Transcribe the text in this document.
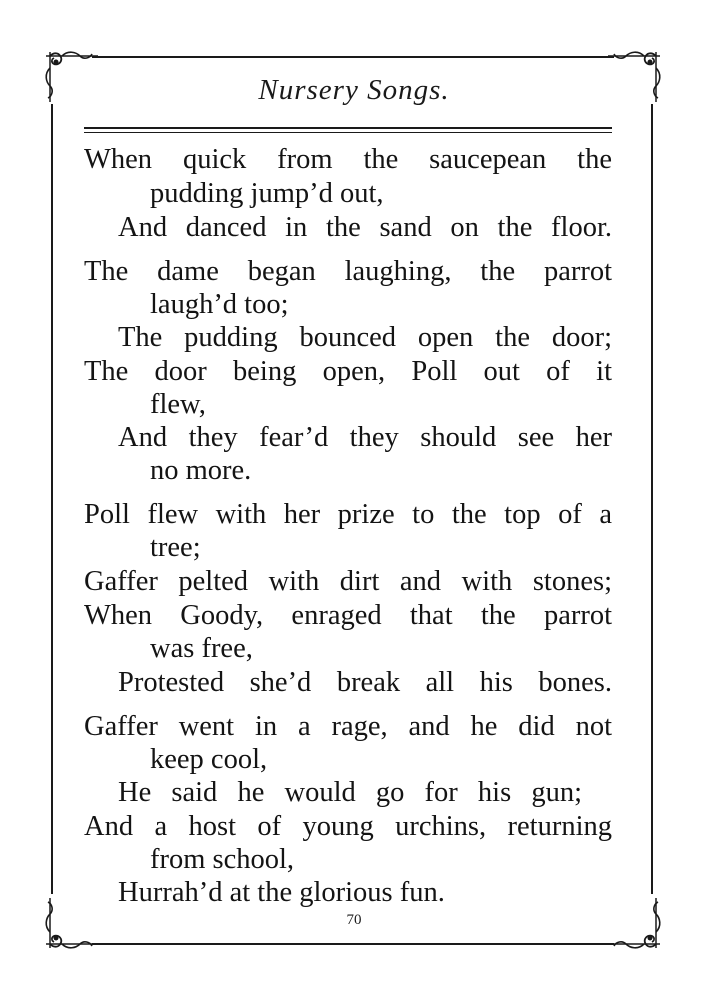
Nursery Songs.
When quick from the saucepean the
pudding jump’d out,
And danced in the sand on the floor.
The dame began laughing, the parrot
laugh’d too;
The pudding bounced open the door;
The door being open, Poll out of it
flew,
And they fear’d they should see her
no more.
Poll flew with her prize to the top of a
tree;
Gaffer pelted with dirt and with stones;
When Goody, enraged that the parrot
was free,
Protested she’d break all his bones.
Gaffer went in a rage, and he did not
keep cool,
He said he would go for his gun;
And a host of young urchins, returning
from school,
Hurrah’d at the glorious fun.
70
